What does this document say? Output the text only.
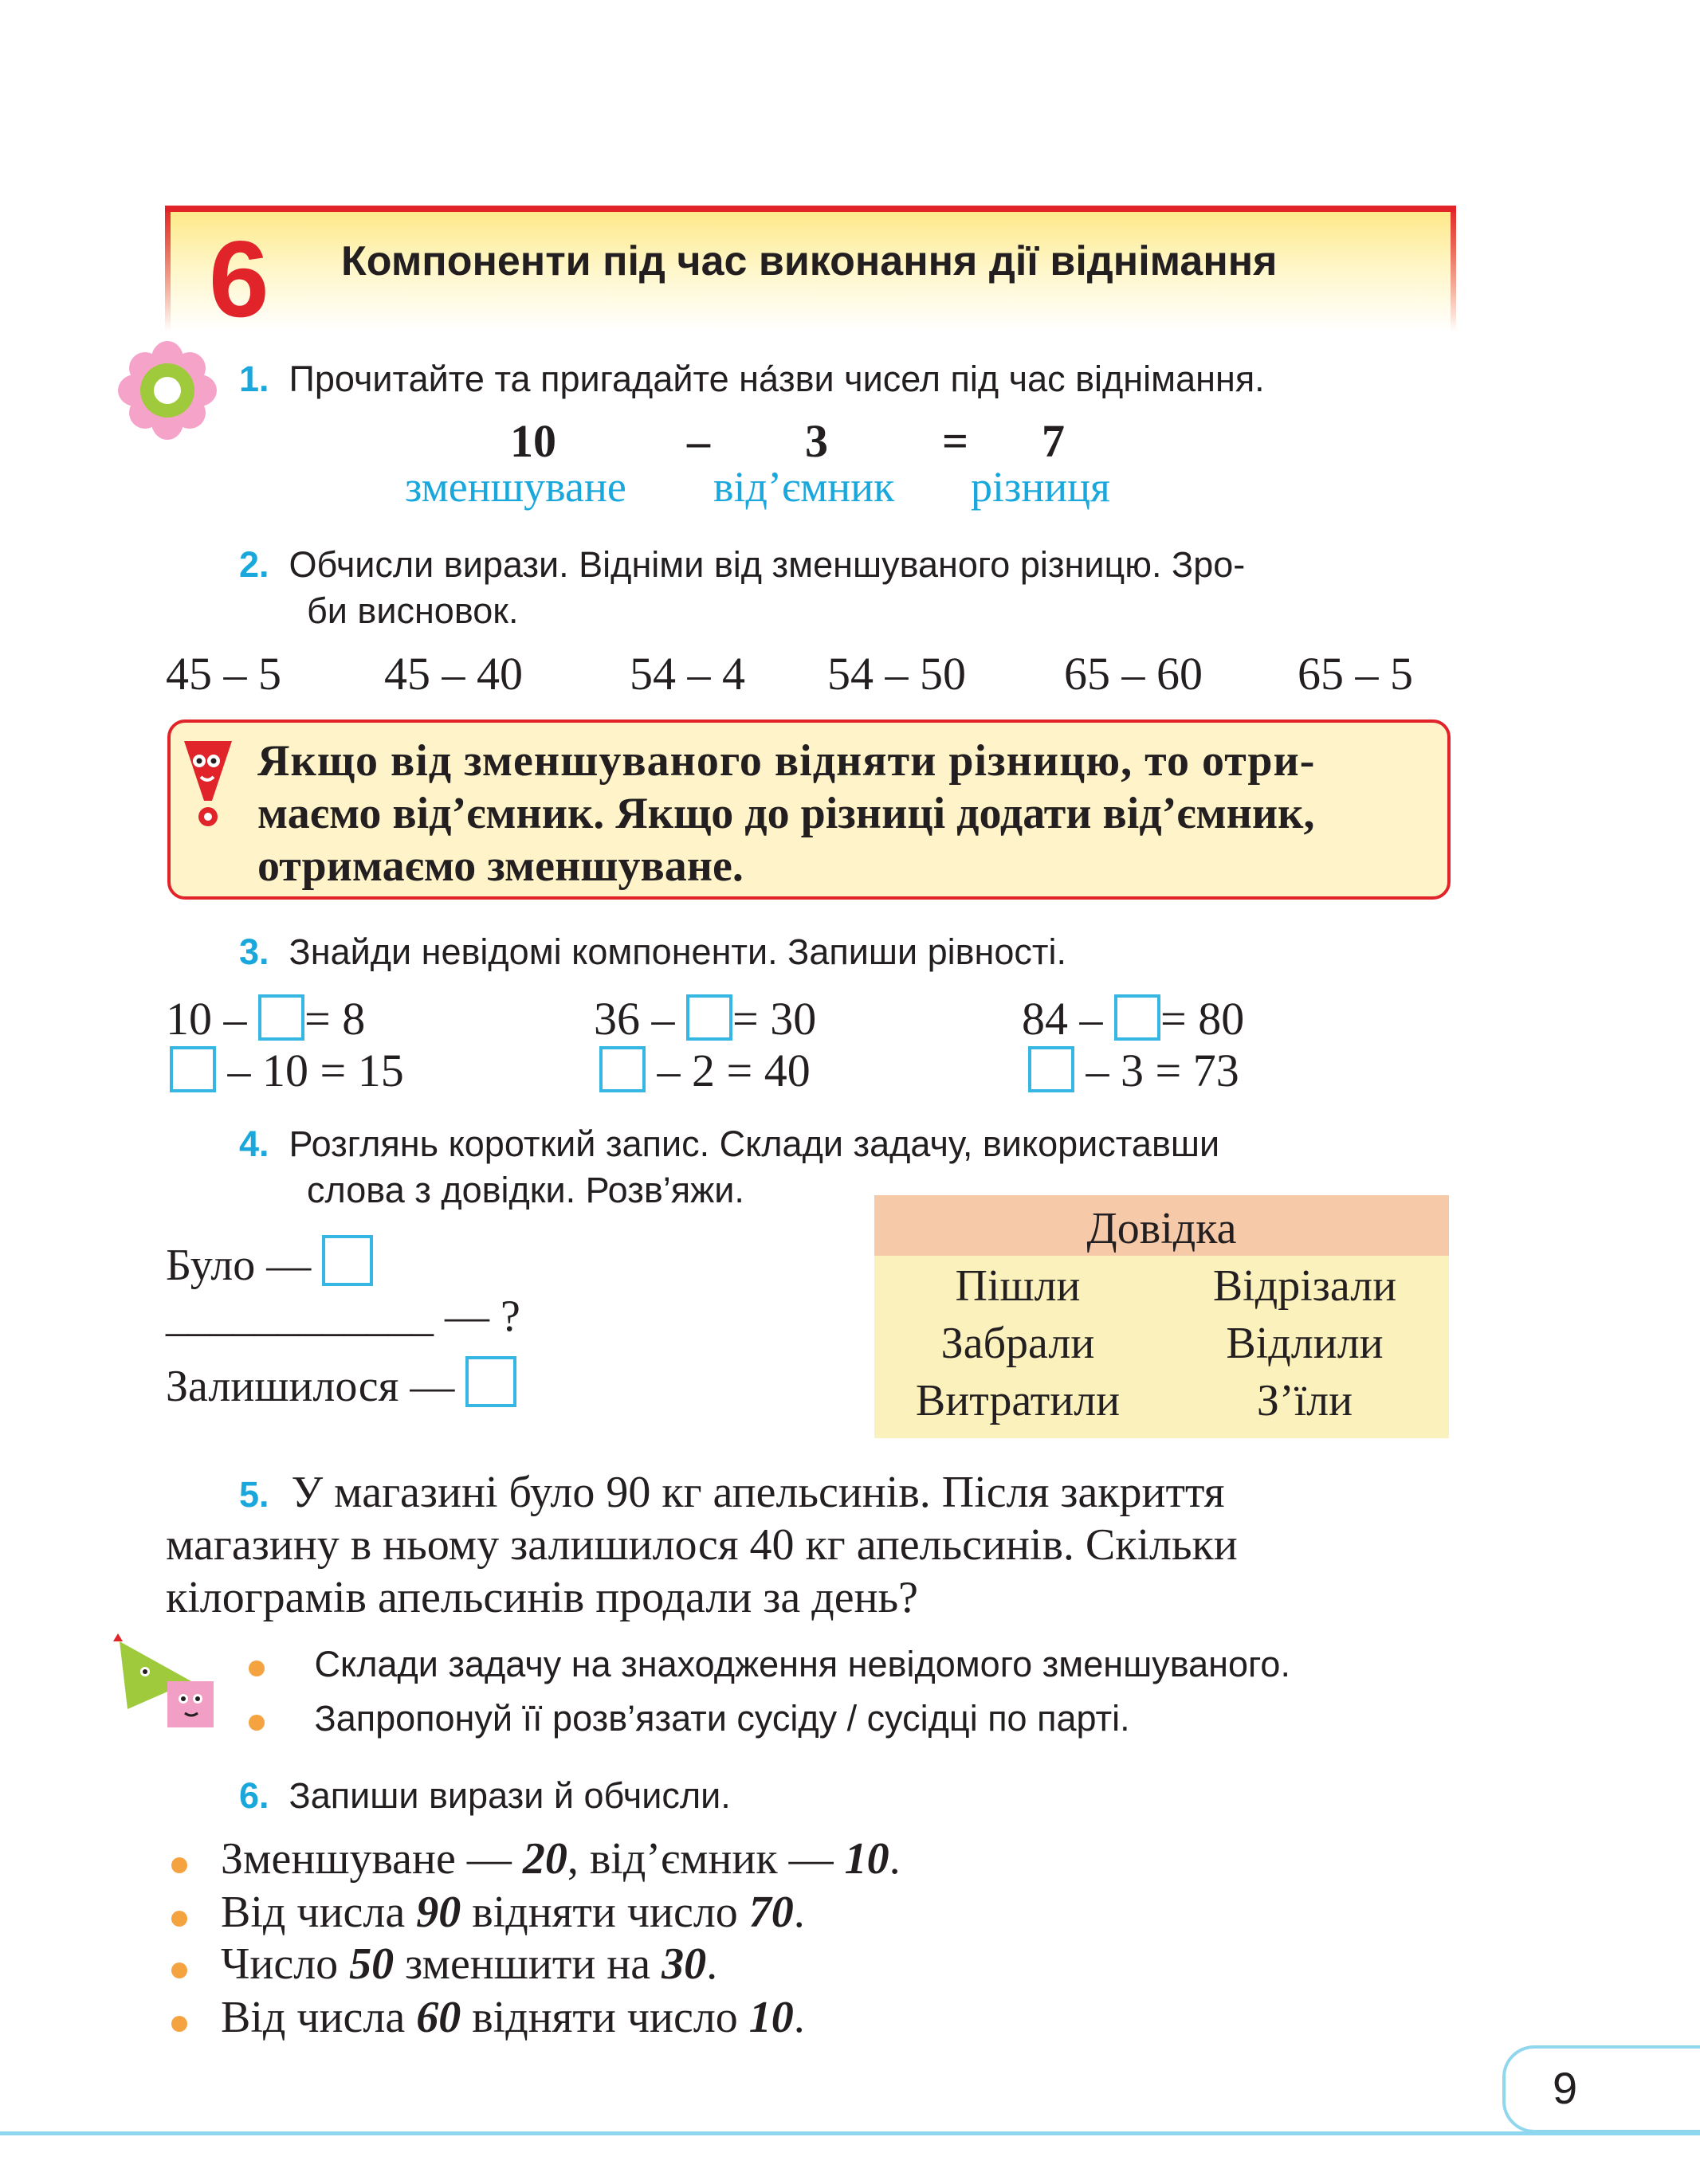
6 Компоненти під час виконання дії віднімання
1. Прочитайте та пригадайте на́зви чисел під час віднімання.
10	– 3 = 7
зменшуване від’ємник різниця
2. Обчисли вирази. Відніми від зменшуваного різницю. Зро-
би висновок.
45 – 5 45 – 40 54 – 4 54 – 50 65 – 60 65 – 5
Якщо від зменшуваного відняти різницю, то отри-
маємо від’ємник. Якщо до різниці додати від’ємник,
отримаємо зменшуване.
3. Знайди невідомі компоненти. Запиши рівності.
10 – = 8
– 10 = 15
36 – = 30
– 2 = 40
84 – = 80
– 3 = 73
4. Розглянь короткий запис. Склади задачу, використавши
слова з довідки. Розв’яжи.
Було —
____________ — ?
Залишилося —
Довідка
Пішли
Забрали
Витратили
Відрізали
Відлили
З’їли
5. У магазині було 90 кг апельсинів. Після закриття
магазину в ньому залишилося 40 кг апельсинів. Скільки
кілограмів апельсинів продали за день?
Склади задачу на знаходження невідомого зменшуваного.
Запропонуй її розв’язати сусіду / сусідці по парті.
6. Запиши вирази й обчисли.
Зменшуване — 20, від’ємник — 10.
Від числа 90 відняти число 70.
Число 50 зменшити на 30.
Від числа 60 відняти число 10.
9
